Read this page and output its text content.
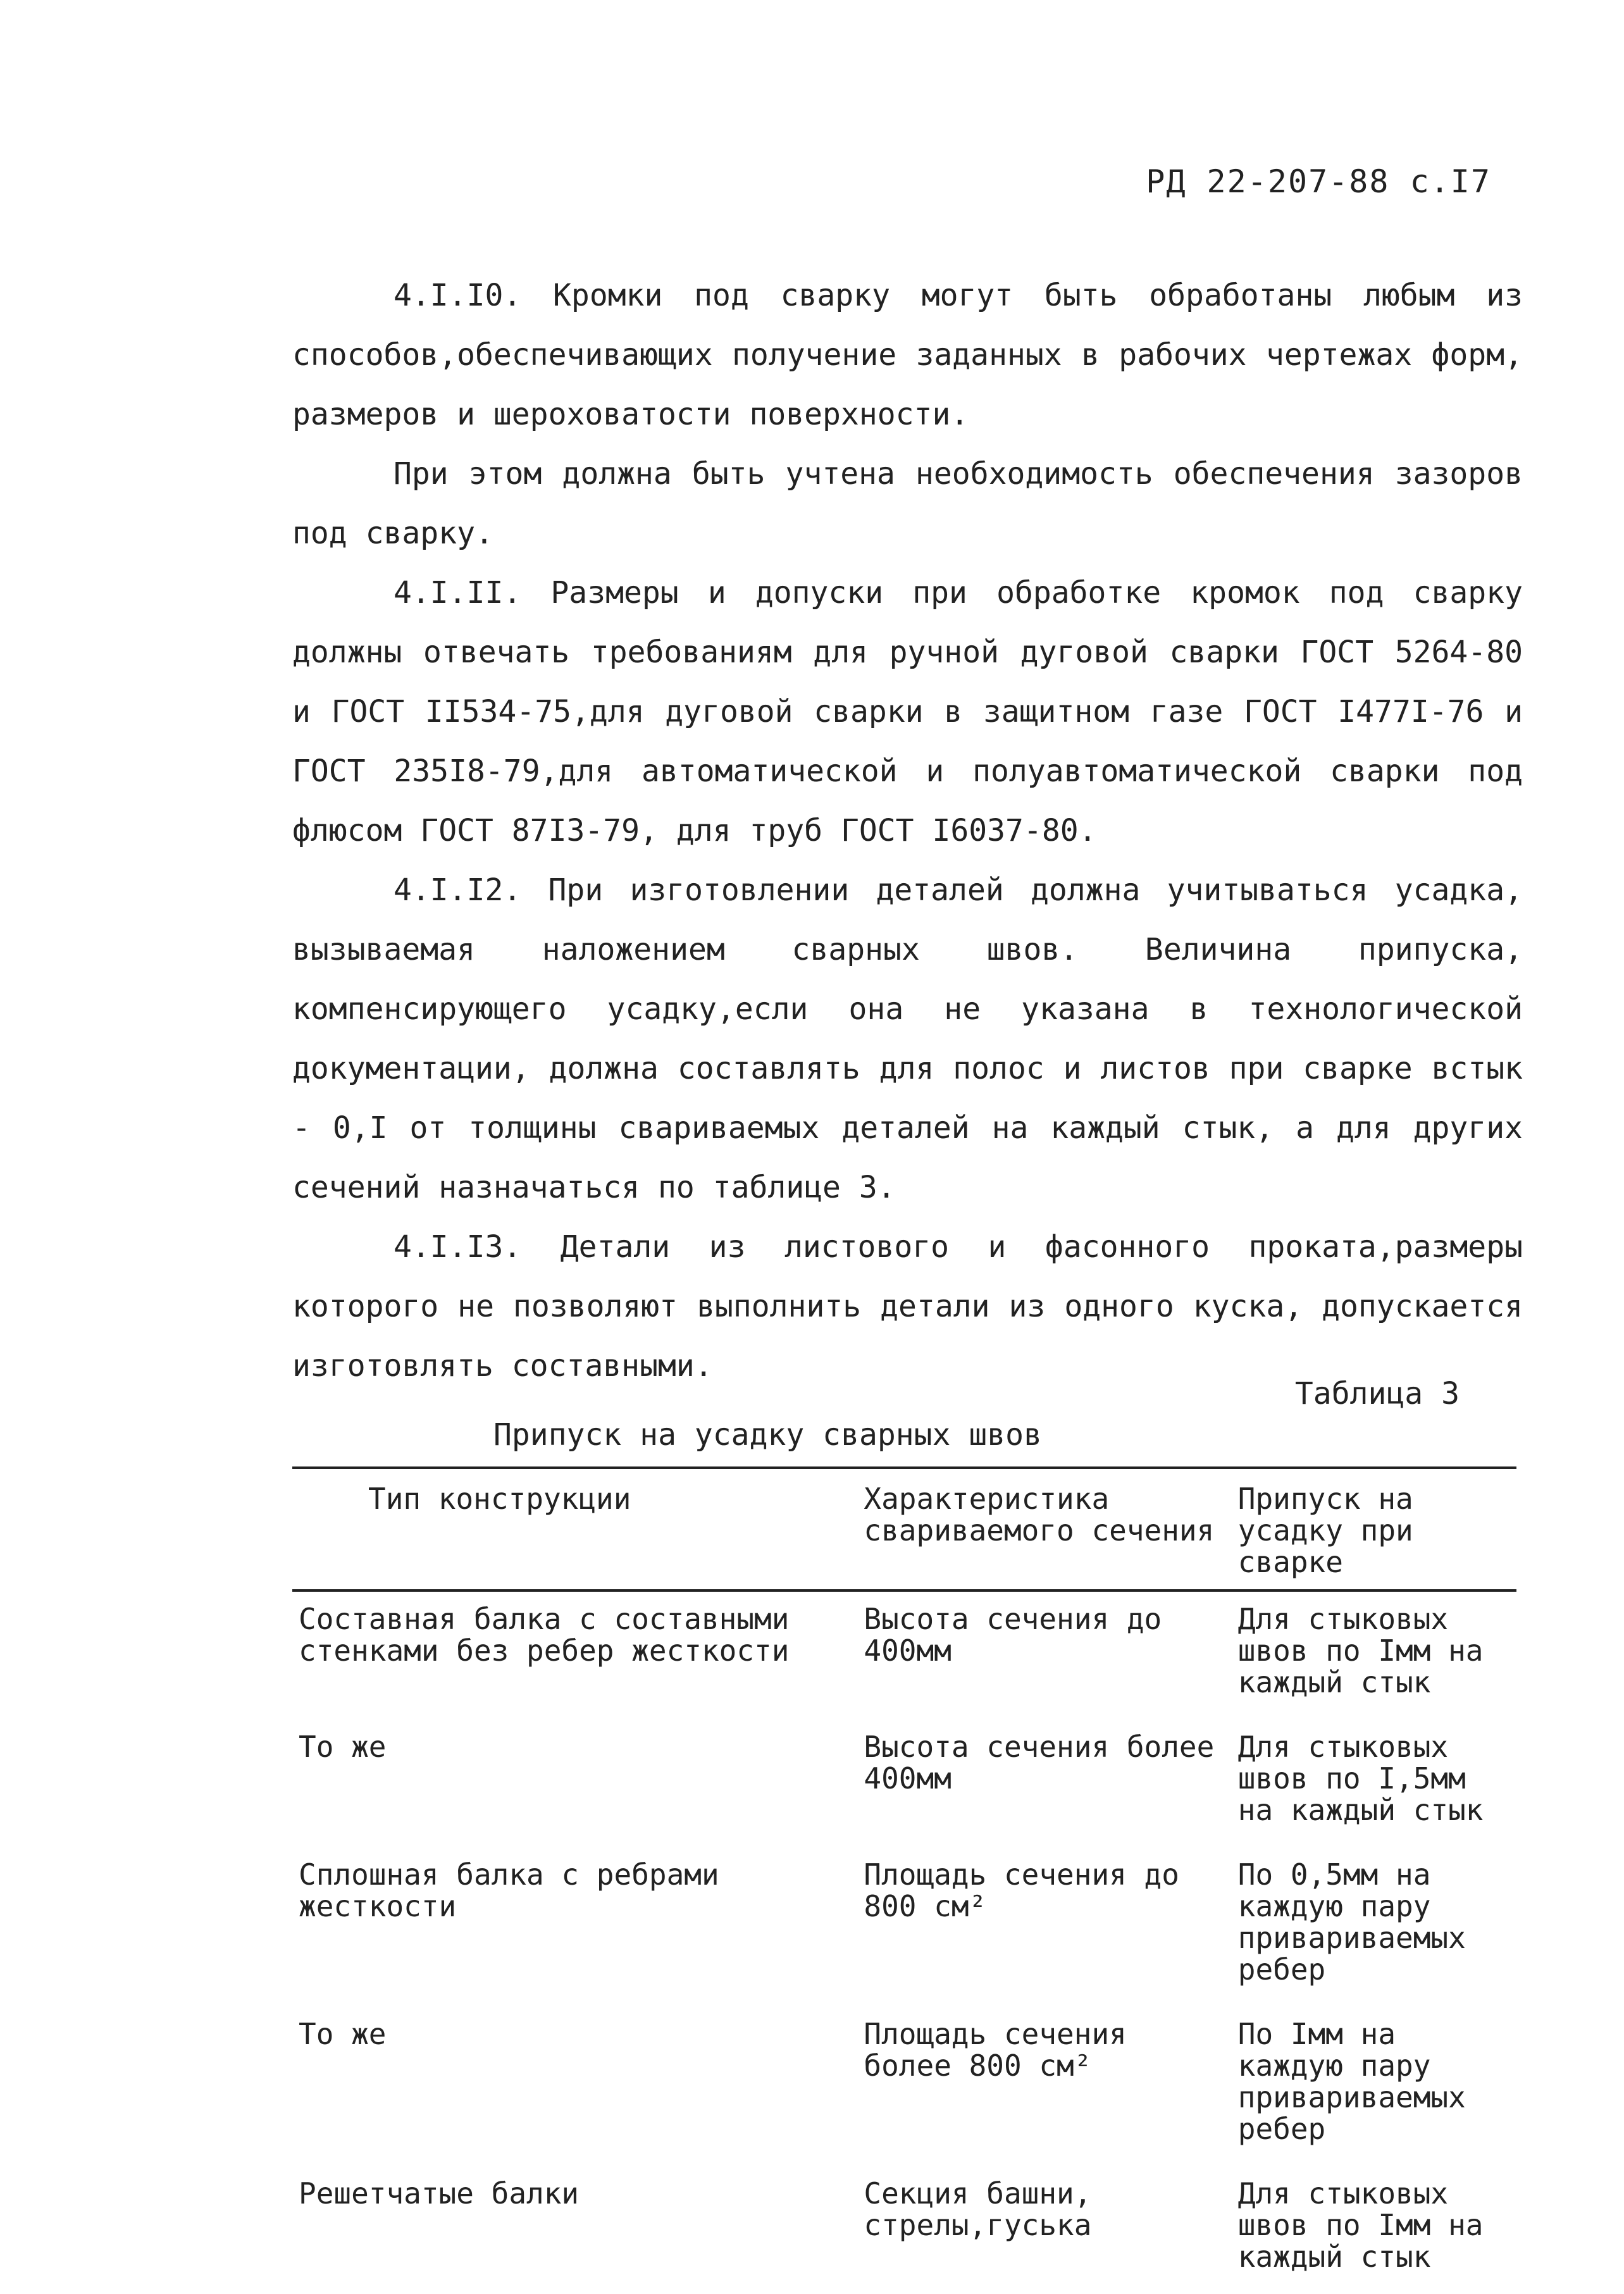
РД 22-207-88 с.I7

4.I.I0. Кромки под сварку могут быть обработаны любым из способов,обеспечивающих получение заданных в рабочих чертежах форм, размеров и шероховатости поверхности.

При этом должна быть учтена необходимость обеспечения зазоров под сварку.

4.I.II. Размеры и допуски при обработке кромок под сварку должны отвечать требованиям для ручной дуговой сварки ГОСТ 5264-80 и ГОСТ II534-75,для дуговой сварки в защитном газе ГОСТ I477I-76 и ГОСТ 235I8-79,для автоматической и полуавтоматической сварки под флюсом ГОСТ 87I3-79, для труб ГОСТ I6037-80.

4.I.I2. При изготовлении деталей должна учитываться усадка, вызываемая наложением сварных швов. Величина припуска, компенсирующего усадку,если она не указана в технологической документации, должна составлять для полос и листов при сварке встык - 0,I от толщины свариваемых деталей на каждый стык, а для других сечений назначаться по таблице 3.

4.I.I3. Детали из листового и фасонного проката,размеры которого не позволяют выполнить детали из одного куска, допускается изготовлять составными.

Таблица 3
Припуск на усадку сварных швов
Тип конструкции	Характеристика свариваемого сечения	Припуск на усадку при сварке
Составная балка с составными стенками без ребер жесткости	Высота сечения до 400мм	Для стыковых швов по Iмм на каждый стык
То же	Высота сечения более 400мм	Для стыковых швов по I,5мм на каждый стык
Сплошная балка с ребрами жесткости	Площадь сечения до 800 см²	По 0,5мм на каждую пару привариваемых ребер
То же	Площадь сечения более 800 см²	По Iмм на каждую пару привариваемых ребер
Решетчатые балки	Секция башни, стрелы,гуська	Для стыковых швов по Iмм на каждый стык
